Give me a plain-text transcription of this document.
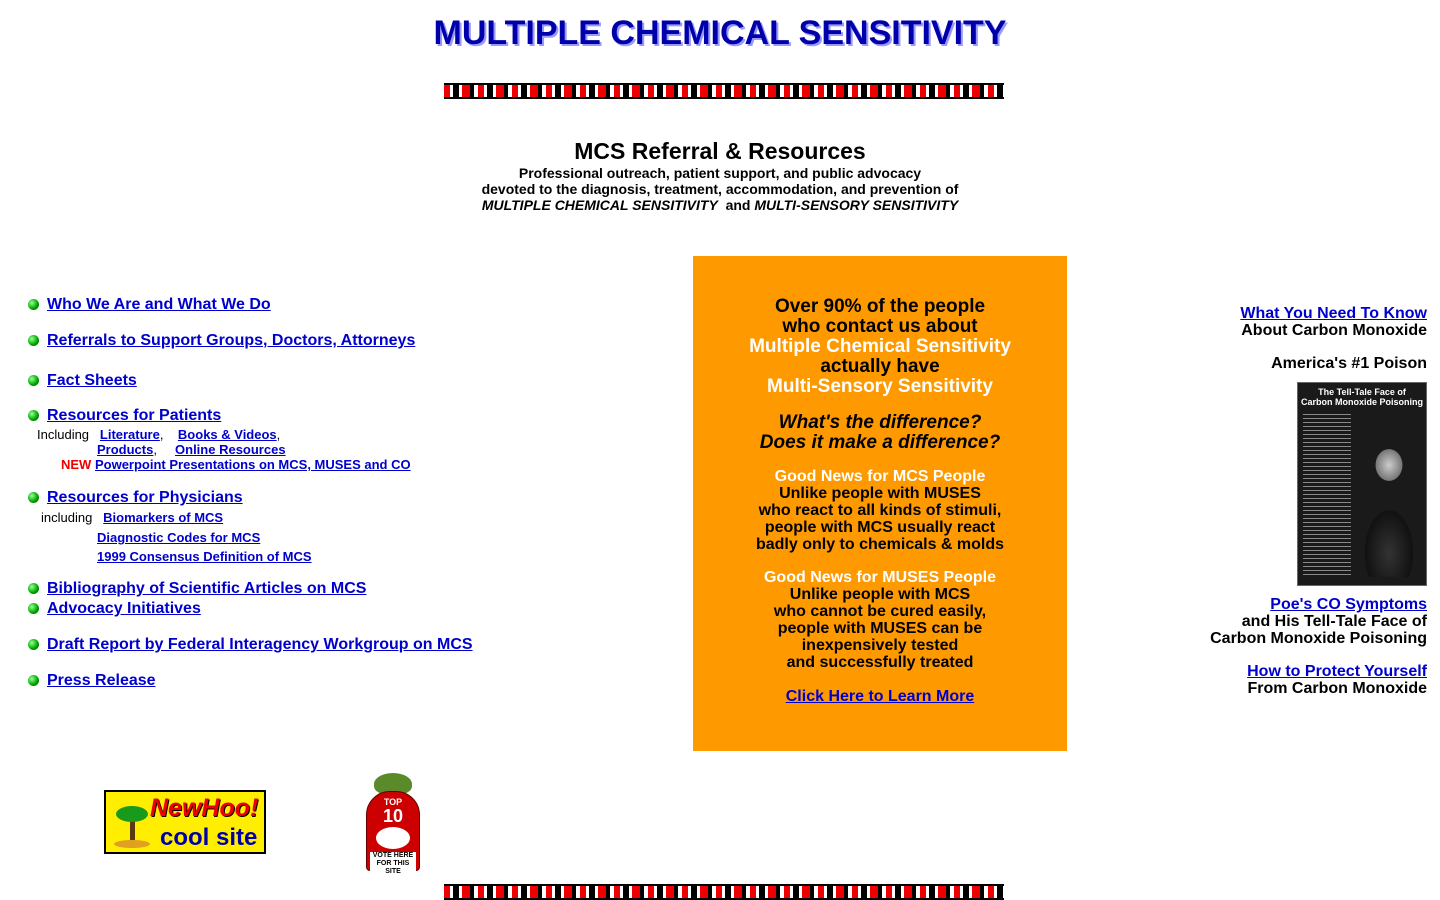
MULTIPLE CHEMICAL SENSITIVITY
MCS Referral & Resources

Professional outreach, patient support, and public advocacy

devoted to the diagnosis, treatment, accommodation, and prevention of

MULTIPLE CHEMICAL SENSITIVITY and MULTI-SENSORY SENSITIVITY

Who We Are and What We Do
Referrals to Support Groups, Doctors, Attorneys
Fact Sheets
Resources for Patients
Including Literature,    Books & Videos,
Products,     Online Resources
NEW Powerpoint Presentations on MCS, MUSES and CO
Resources for Physicians
including Biomarkers of MCS
Diagnostic Codes for MCS
1999 Consensus Definition of MCS
Bibliography of Scientific Articles on MCS
Advocacy Initiatives
Draft Report by Federal Interagency Workgroup on MCS
Press Release
Over 90% of the people
who contact us about
Multiple Chemical Sensitivity
actually have
Multi-Sensory Sensitivity
What's the difference?
Does it make a difference?
Good News for MCS People
Unlike people with MUSES
who react to all kinds of stimuli,
people with MCS usually react
badly only to chemicals & molds
Good News for MUSES People
Unlike people with MCS
who cannot be cured easily,
people with MUSES can be
inexpensively tested
and successfully treated
Click Here to Learn More
What You Need To Know
About Carbon Monoxide
America's #1 Poison
The Tell-Tale Face of
Carbon Monoxide Poisoning
Poe's CO Symptoms
and His Tell-Tale Face of
Carbon Monoxide Poisoning
How to Protect Yourself
From Carbon Monoxide
NewHoo!
cool site
TOP
10
VOTE HERE FOR THIS SITE
